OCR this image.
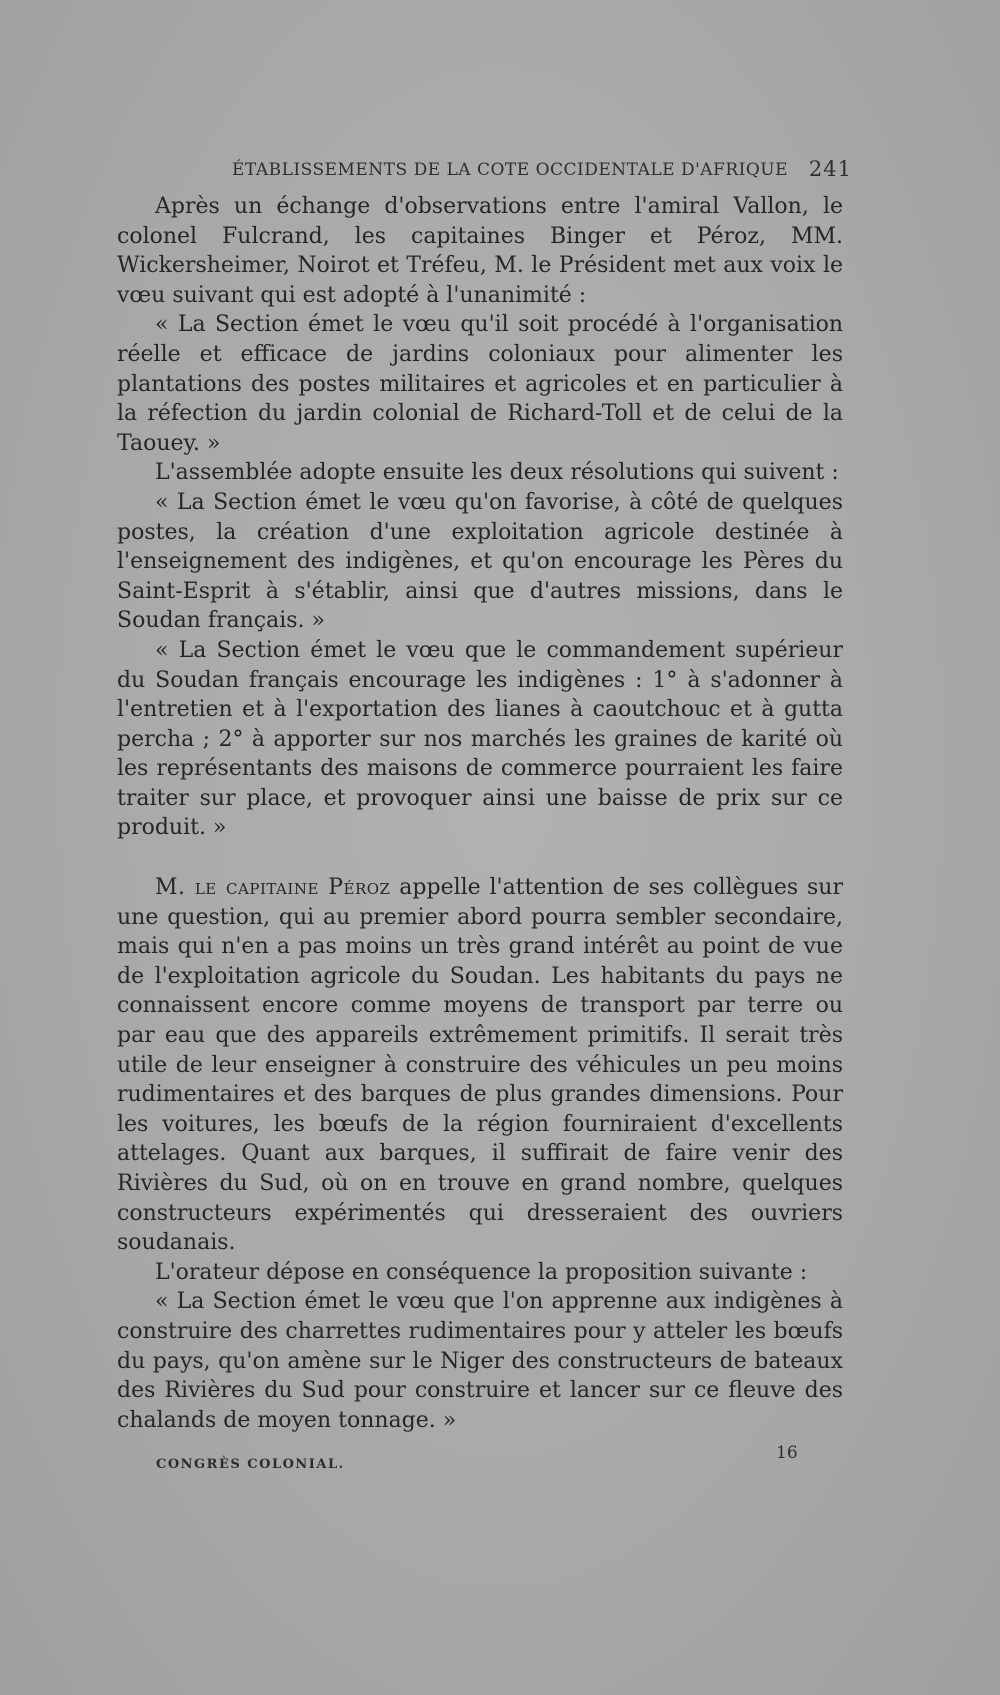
ÉTABLISSEMENTS DE LA COTE OCCIDENTALE D'AFRIQUE 241

Après un échange d'observations entre l'amiral Vallon, le colonel Fulcrand, les capitaines Binger et Péroz, MM. Wickersheimer, Noirot et Tréfeu, M. le Président met aux voix le vœu suivant qui est adopté à l'unanimité :

« La Section émet le vœu qu'il soit procédé à l'organisation réelle et efficace de jardins coloniaux pour alimenter les plantations des postes militaires et agricoles et en particulier à la réfection du jardin colonial de Richard-Toll et de celui de la Taouey. »

L'assemblée adopte ensuite les deux résolutions qui suivent :

« La Section émet le vœu qu'on favorise, à côté de quelques postes, la création d'une exploitation agricole destinée à l'enseignement des indigènes, et qu'on encourage les Pères du Saint-Esprit à s'établir, ainsi que d'autres missions, dans le Soudan français. »

« La Section émet le vœu que le commandement supérieur du Soudan français encourage les indigènes : 1° à s'adonner à l'entretien et à l'exportation des lianes à caoutchouc et à gutta percha ; 2° à apporter sur nos marchés les graines de karité où les représentants des maisons de commerce pourraient les faire traiter sur place, et provoquer ainsi une baisse de prix sur ce produit. »

M. le capitaine Péroz appelle l'attention de ses collègues sur une question, qui au premier abord pourra sembler secondaire, mais qui n'en a pas moins un très grand intérêt au point de vue de l'exploitation agricole du Soudan. Les habitants du pays ne connaissent encore comme moyens de transport par terre ou par eau que des appareils extrêmement primitifs. Il serait très utile de leur enseigner à construire des véhicules un peu moins rudimentaires et des barques de plus grandes dimensions. Pour les voitures, les bœufs de la région fourniraient d'excellents attelages. Quant aux barques, il suffirait de faire venir des Rivières du Sud, où on en trouve en grand nombre, quelques constructeurs expérimentés qui dresseraient des ouvriers soudanais.

L'orateur dépose en conséquence la proposition suivante :

« La Section émet le vœu que l'on apprenne aux indigènes à construire des charrettes rudimentaires pour y atteler les bœufs du pays, qu'on amène sur le Niger des constructeurs de bateaux des Rivières du Sud pour construire et lancer sur ce fleuve des chalands de moyen tonnage. »

CONGRÈS COLONIAL.
16
